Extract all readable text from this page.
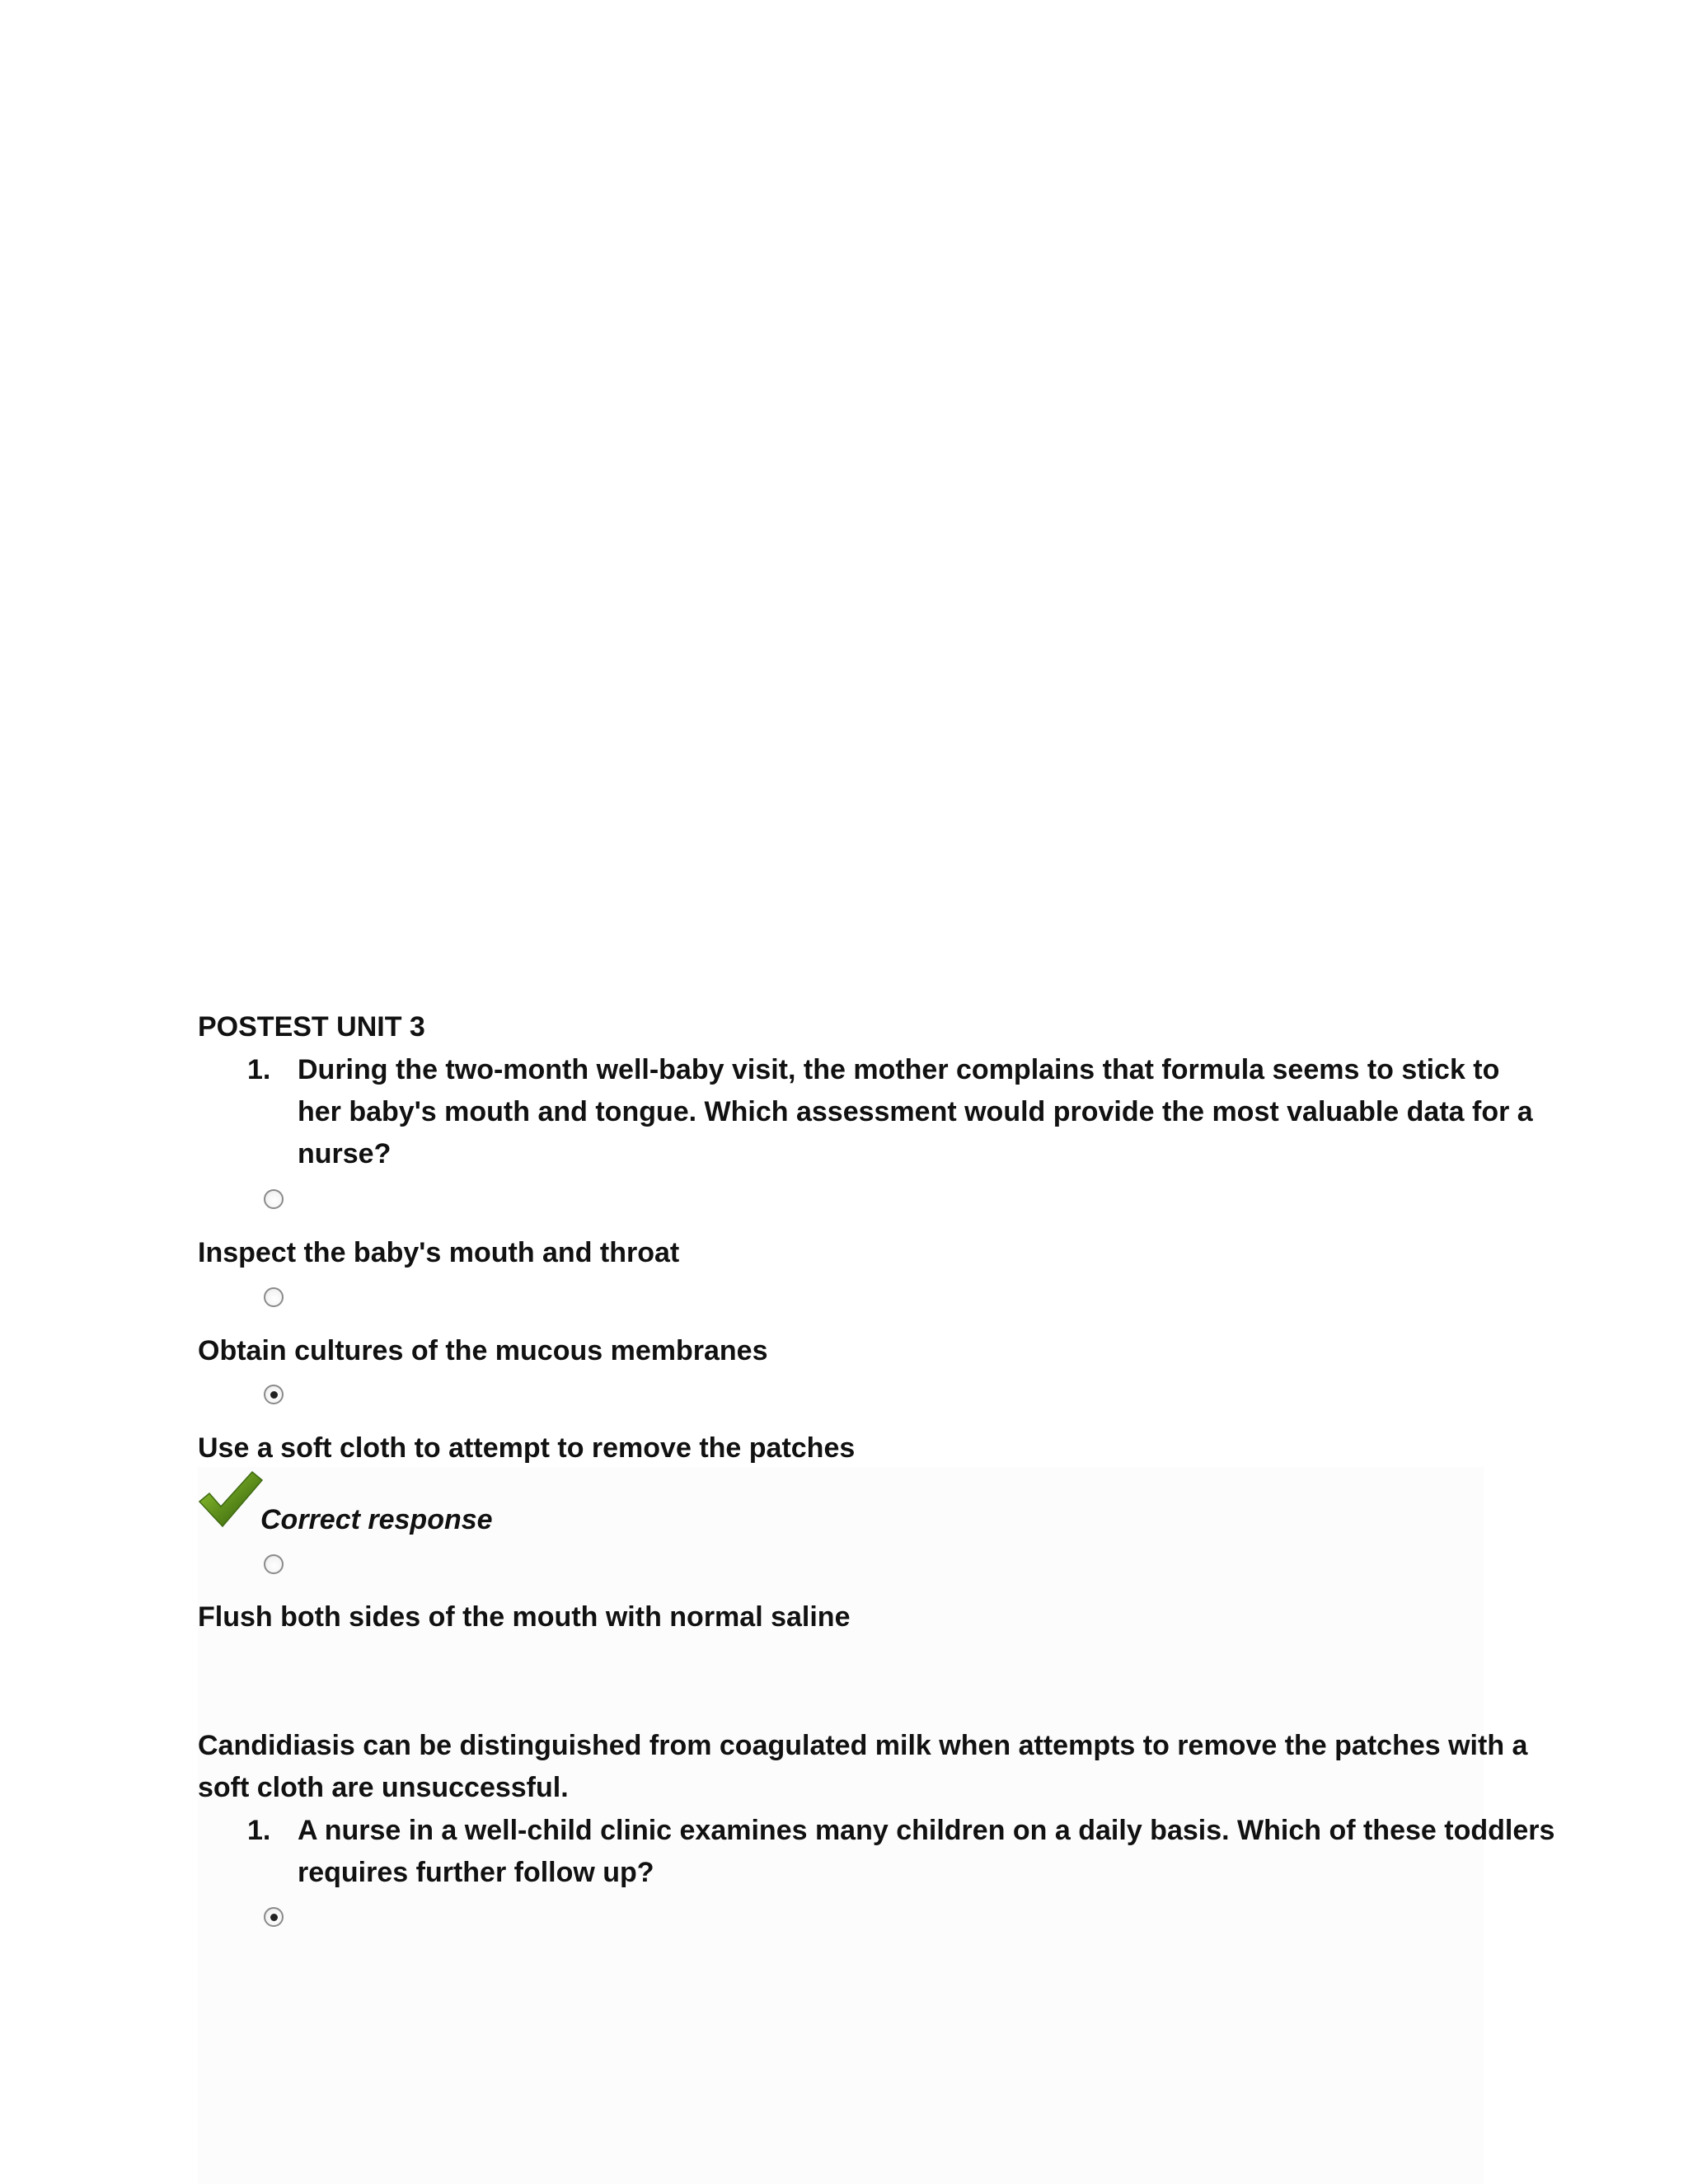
POSTEST UNIT 3
1. During the two-month well-baby visit, the mother complains that formula seems to stick to
her baby's mouth and tongue. Which assessment would provide the most valuable data for a
nurse?
Inspect the baby's mouth and throat
Obtain cultures of the mucous membranes
Use a soft cloth to attempt to remove the patches
Correct response
Flush both sides of the mouth with normal saline
Candidiasis can be distinguished from coagulated milk when attempts to remove the patches with a
soft cloth are unsuccessful.
1. A nurse in a well-child clinic examines many children on a daily basis. Which of these toddlers
requires further follow up?
